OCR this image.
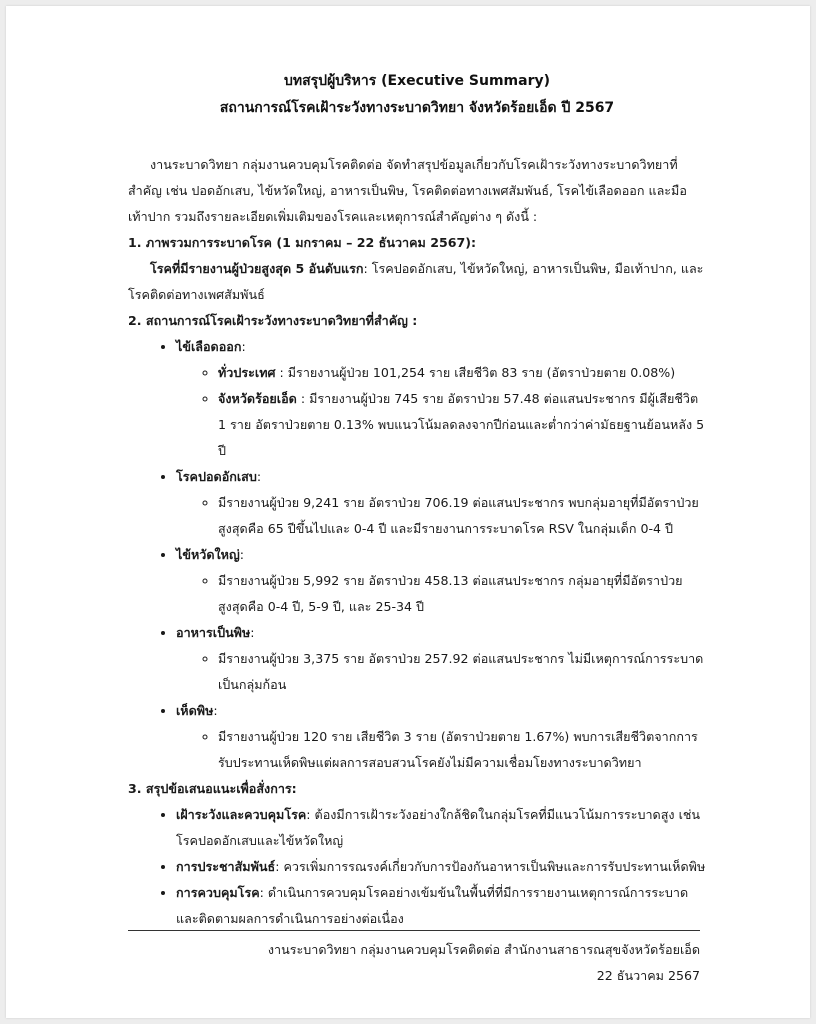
บทสรุปผู้บริหาร (Executive Summary)
สถานการณ์โรคเฝ้าระวังทางระบาดวิทยา จังหวัดร้อยเอ็ด ปี 2567

งานระบาดวิทยา กลุ่มงานควบคุมโรคติดต่อ จัดทำสรุปข้อมูลเกี่ยวกับโรคเฝ้าระวังทางระบาดวิทยาที่สำคัญ เช่น ปอดอักเสบ, ไข้หวัดใหญ่, อาหารเป็นพิษ, โรคติดต่อทางเพศสัมพันธ์, โรคไข้เลือดออก และมือเท้าปาก รวมถึงรายละเอียดเพิ่มเติมของโรคและเหตุการณ์สำคัญต่าง ๆ ดังนี้ :

1. ภาพรวมการระบาดโรค (1 มกราคม – 22 ธันวาคม 2567):

โรคที่มีรายงานผู้ป่วยสูงสุด 5 อันดับแรก: โรคปอดอักเสบ, ไข้หวัดใหญ่, อาหารเป็นพิษ, มือเท้าปาก, และโรคติดต่อทางเพศสัมพันธ์

2. สถานการณ์โรคเฝ้าระวังทางระบาดวิทยาที่สำคัญ :
• ไข้เลือดออก:
◦ ทั่วประเทศ : มีรายงานผู้ป่วย 101,254 ราย เสียชีวิต 83 ราย (อัตราป่วยตาย 0.08%)
◦ จังหวัดร้อยเอ็ด : มีรายงานผู้ป่วย 745 ราย อัตราป่วย 57.48 ต่อแสนประชากร มีผู้เสียชีวิต 1 ราย อัตราป่วยตาย 0.13% พบแนวโน้มลดลงจากปีก่อนและต่ำกว่าค่ามัธยฐานย้อนหลัง 5 ปี
• โรคปอดอักเสบ:
◦ มีรายงานผู้ป่วย 9,241 ราย อัตราป่วย 706.19 ต่อแสนประชากร พบกลุ่มอายุที่มีอัตราป่วยสูงสุดคือ 65 ปีขึ้นไปและ 0-4 ปี และมีรายงานการระบาดโรค RSV ในกลุ่มเด็ก 0-4 ปี
• ไข้หวัดใหญ่:
◦ มีรายงานผู้ป่วย 5,992 ราย อัตราป่วย 458.13 ต่อแสนประชากร กลุ่มอายุที่มีอัตราป่วยสูงสุดคือ 0-4 ปี, 5-9 ปี, และ 25-34 ปี
• อาหารเป็นพิษ:
◦ มีรายงานผู้ป่วย 3,375 ราย อัตราป่วย 257.92 ต่อแสนประชากร ไม่มีเหตุการณ์การระบาดเป็นกลุ่มก้อน
• เห็ดพิษ:
◦ มีรายงานผู้ป่วย 120 ราย เสียชีวิต 3 ราย (อัตราป่วยตาย 1.67%) พบการเสียชีวิตจากการรับประทานเห็ดพิษแต่ผลการสอบสวนโรคยังไม่มีความเชื่อมโยงทางระบาดวิทยา
3. สรุปข้อเสนอแนะเพื่อสั่งการ:
• เฝ้าระวังและควบคุมโรค: ต้องมีการเฝ้าระวังอย่างใกล้ชิดในกลุ่มโรคที่มีแนวโน้มการระบาดสูง เช่น โรคปอดอักเสบและไข้หวัดใหญ่
• การประชาสัมพันธ์: ควรเพิ่มการรณรงค์เกี่ยวกับการป้องกันอาหารเป็นพิษและการรับประทานเห็ดพิษ
• การควบคุมโรค: ดำเนินการควบคุมโรคอย่างเข้มข้นในพื้นที่ที่มีการรายงานเหตุการณ์การระบาดและติดตามผลการดำเนินการอย่างต่อเนื่อง
งานระบาดวิทยา กลุ่มงานควบคุมโรคติดต่อ สำนักงานสาธารณสุขจังหวัดร้อยเอ็ด
22 ธันวาคม 2567
